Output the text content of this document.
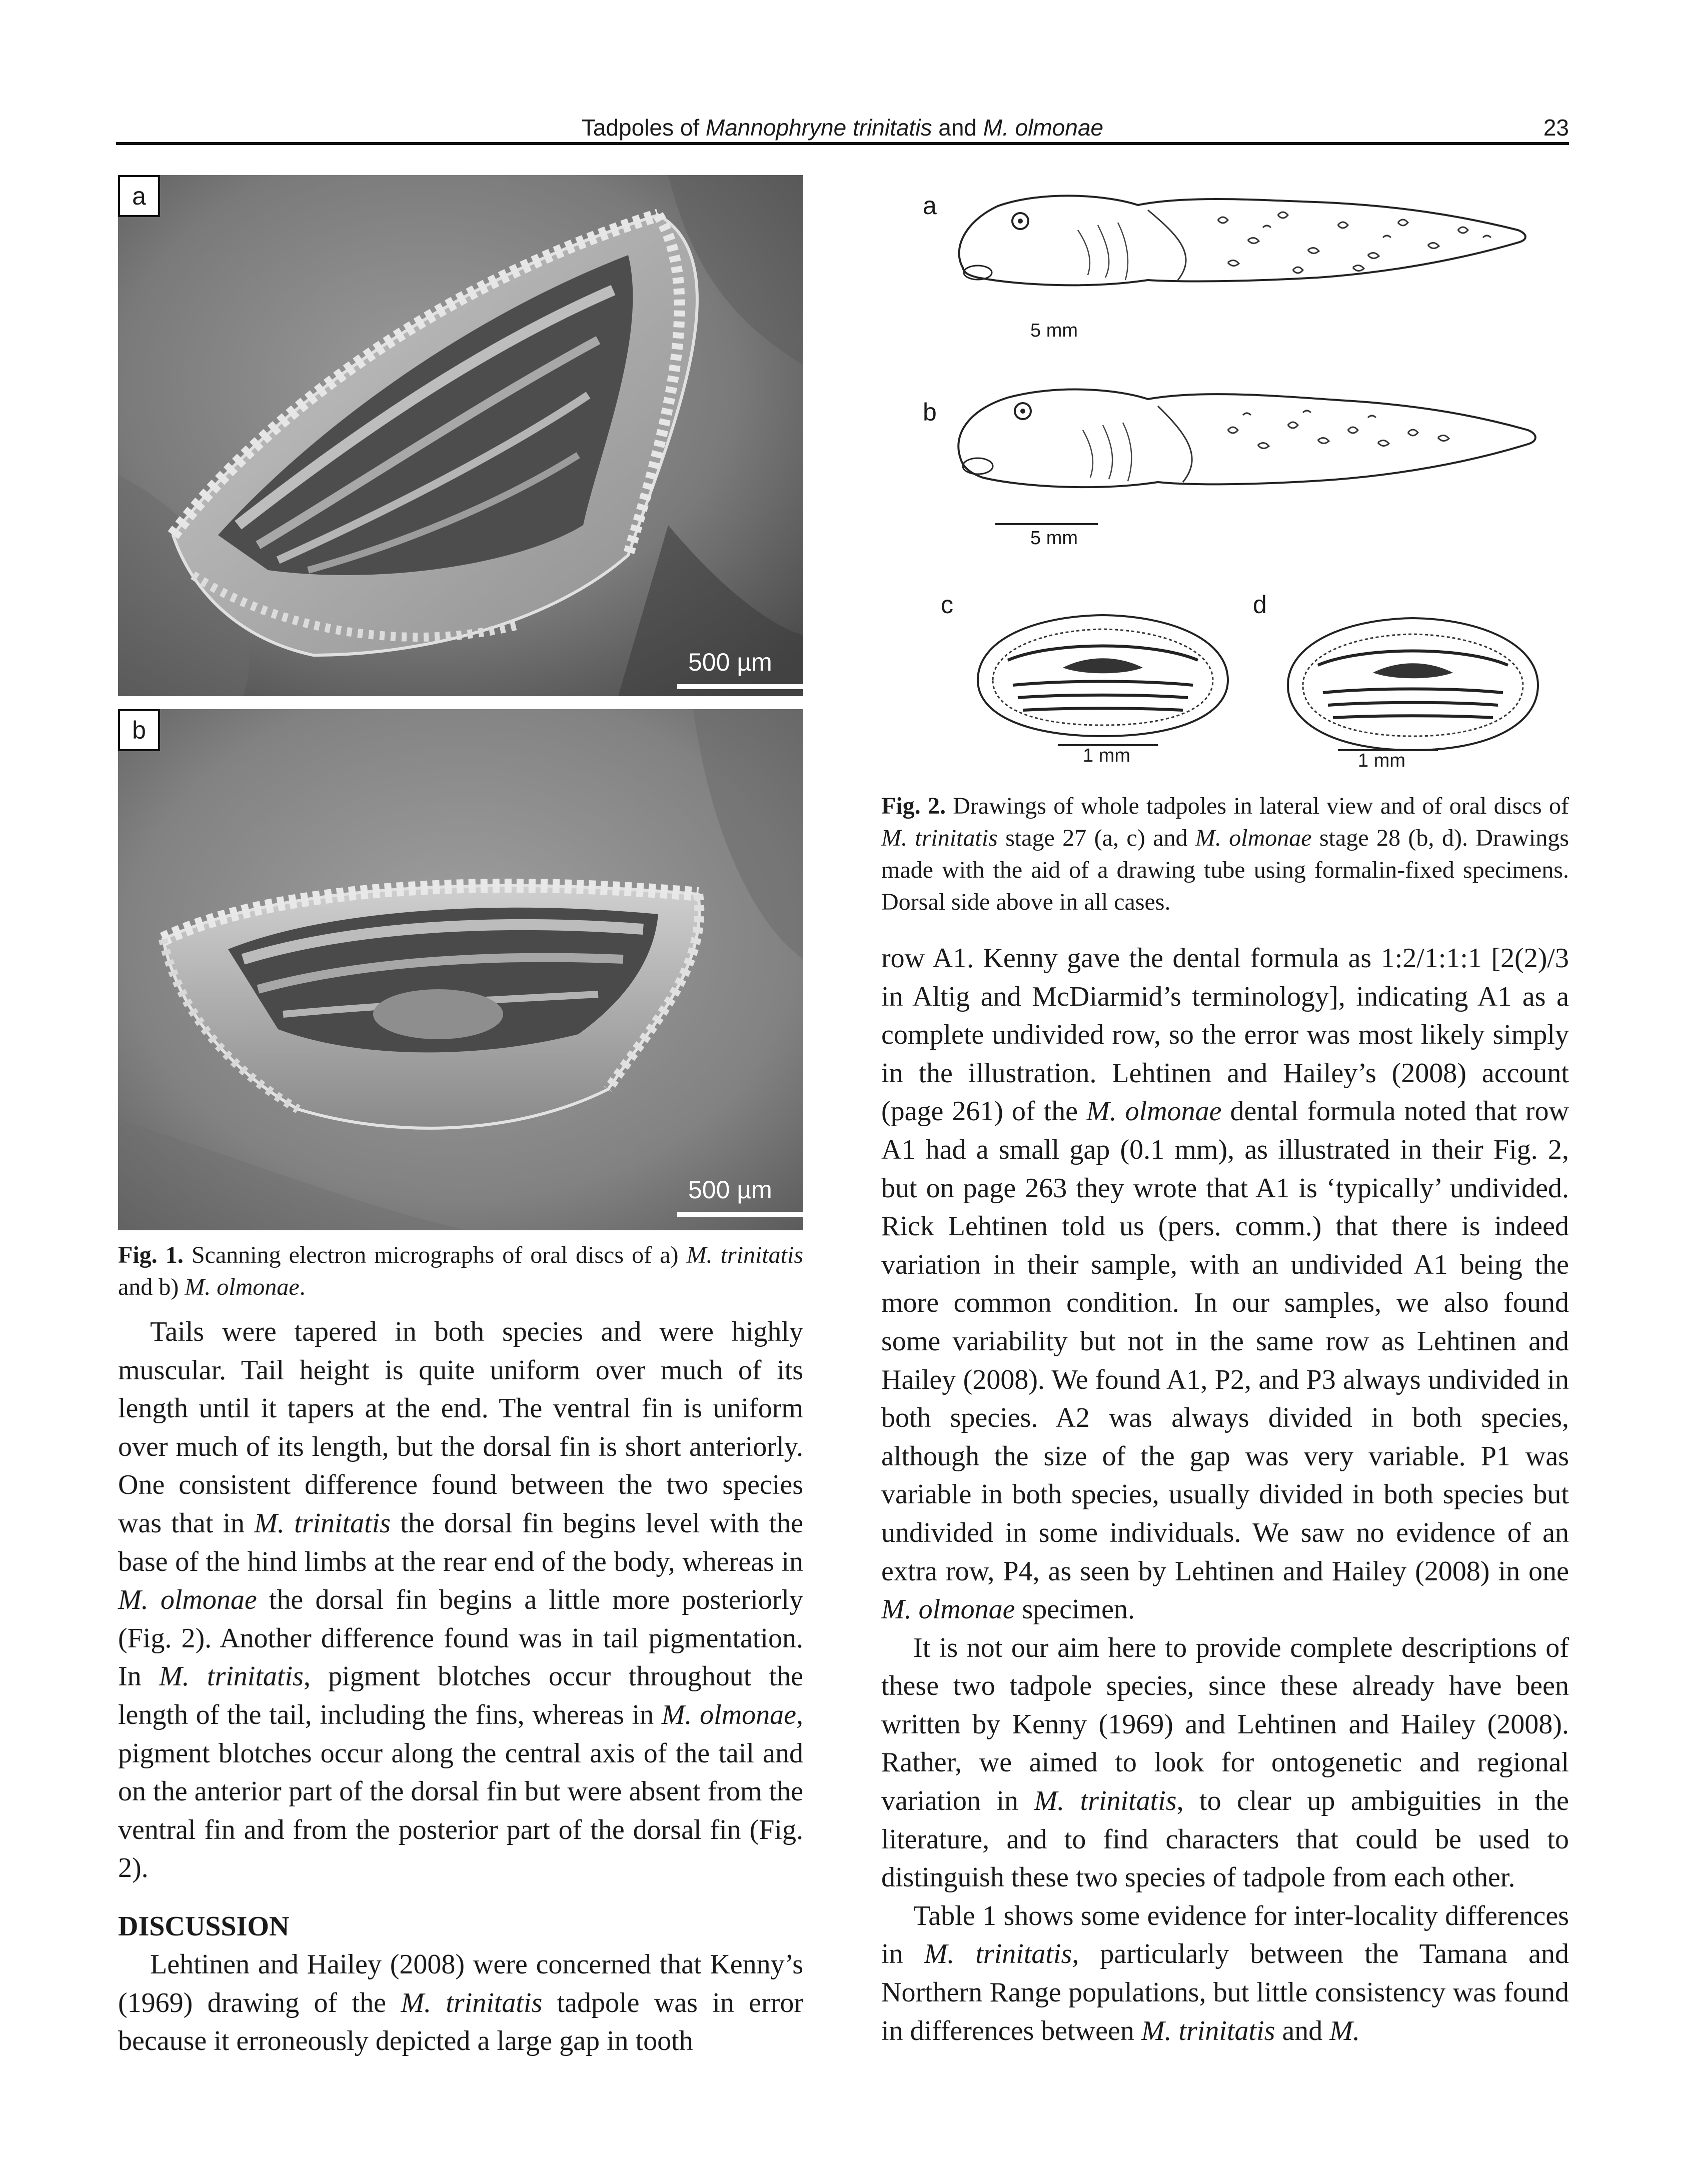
Tadpoles of Mannophryne trinitatis and M. olmonae	23
a
500 µm
b
500 µm
Fig. 1. Scanning electron micrographs of oral discs of a) M. trinitatis and b) M. olmonae.
a
5 mm
b
5 mm
c
1 mm
d
1 mm
Fig. 2. Drawings of whole tadpoles in lateral view and of oral discs of M. trinitatis stage 27 (a, c) and M. olmonae stage 28 (b, d). Drawings made with the aid of a drawing tube using formalin-fixed specimens. Dorsal side above in all cases.

Tails were tapered in both species and were highly muscular. Tail height is quite uniform over much of its length until it tapers at the end. The ventral fin is uniform over much of its length, but the dorsal fin is short anteriorly. One consistent difference found between the two species was that in M. trinitatis the dorsal fin begins level with the base of the hind limbs at the rear end of the body, whereas in M. olmonae the dorsal fin begins a little more posteriorly (Fig. 2). Another difference found was in tail pigmentation. In M. trinitatis, pigment blotches occur throughout the length of the tail, including the fins, whereas in M. olmonae, pigment blotches occur along the central axis of the tail and on the anterior part of the dorsal fin but were absent from the ventral fin and from the posterior part of the dorsal fin (Fig. 2).

DISCUSSION

Lehtinen and Hailey (2008) were concerned that Kenny’s (1969) drawing of the M. trinitatis tadpole was in error because it erroneously depicted a large gap in tooth

row A1. Kenny gave the dental formula as 1:2/1:1:1 [2(2)/3 in Altig and McDiarmid’s terminology], indicating A1 as a complete undivided row, so the error was most likely simply in the illustration. Lehtinen and Hailey’s (2008) account (page 261) of the M. olmonae dental formula noted that row A1 had a small gap (0.1 mm), as illustrated in their Fig. 2, but on page 263 they wrote that A1 is ‘typically’ undivided. Rick Lehtinen told us (pers. comm.) that there is indeed variation in their sample, with an undivided A1 being the more common condition. In our samples, we also found some variability but not in the same row as Lehtinen and Hailey (2008). We found A1, P2, and P3 always undivided in both species. A2 was always divided in both species, although the size of the gap was very variable. P1 was variable in both species, usually divided in both species but undivided in some individuals. We saw no evidence of an extra row, P4, as seen by Lehtinen and Hailey (2008) in one M. olmonae specimen.

It is not our aim here to provide complete descriptions of these two tadpole species, since these already have been written by Kenny (1969) and Lehtinen and Hailey (2008). Rather, we aimed to look for ontogenetic and regional variation in M. trinitatis, to clear up ambiguities in the literature, and to find characters that could be used to distinguish these two species of tadpole from each other.

Table 1 shows some evidence for inter-locality differences in M. trinitatis, particularly between the Tamana and Northern Range populations, but little consistency was found in differences between M. trinitatis and M.
